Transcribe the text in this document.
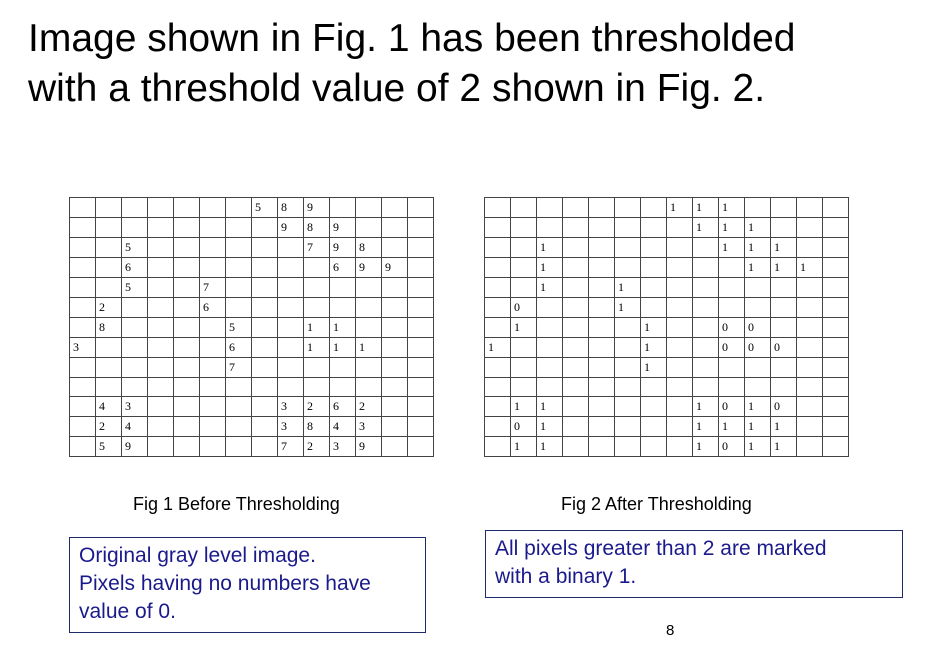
Image shown in Fig. 1 has been thresholded
with a threshold value of 2 shown in Fig. 2.
							5	8	9				
								9	8	9			
		5							7	9	8		
		6								6	9	9	
		5			7								
	2				6								
	8					5			1	1			
3						6			1	1	1		
						7							

	4	3						3	2	6	2		
	2	4						3	8	4	3		
	5	9						7	2	3	9		
							1	1	1				
								1	1	1			
		1							1	1	1		
		1								1	1	1	
		1			1								
	0				1								
	1					1			0	0			
1						1			0	0	0		
						1							

	1	1						1	0	1	0		
	0	1						1	1	1	1		
	1	1						1	0	1	1		
Fig 1 Before Thresholding	Fig 2 After Thresholding
Original gray level image.
Pixels having no numbers have
value of 0.
All pixels greater than 2 are marked
with a binary 1.
8
